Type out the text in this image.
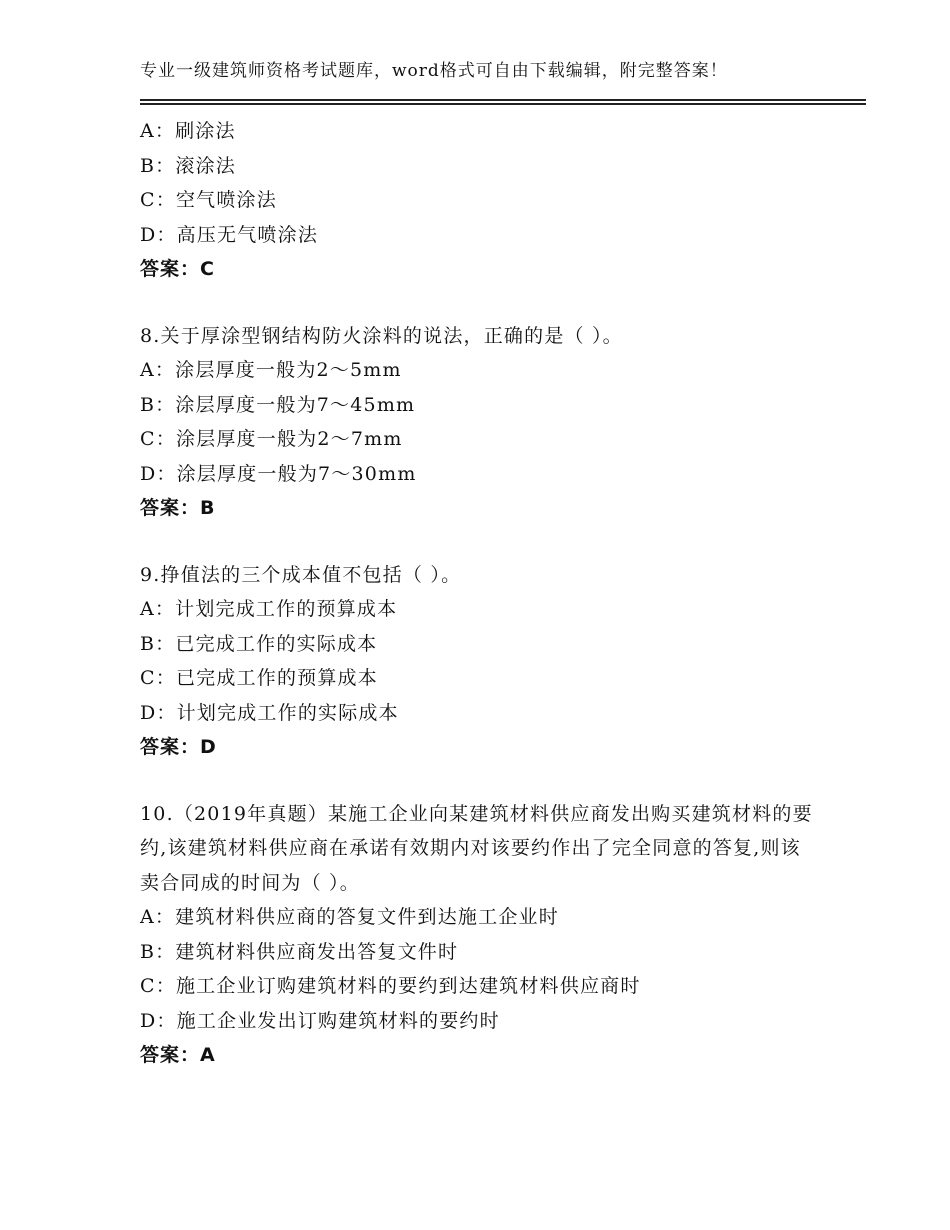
专业一级建筑师资格考试题库，word格式可自由下载编辑，附完整答案！
A：刷涂法
B：滚涂法
C：空气喷涂法
D：高压无气喷涂法
答案：C
8.关于厚涂型钢结构防火涂料的说法，正确的是（ ）。
A：涂层厚度一般为2～5mm
B：涂层厚度一般为7～45mm
C：涂层厚度一般为2～7mm
D：涂层厚度一般为7～30mm
答案：B
9.挣值法的三个成本值不包括（ ）。
A：计划完成工作的预算成本
B：已完成工作的实际成本
C：已完成工作的预算成本
D：计划完成工作的实际成本
答案：D
10.（2019年真题）某施工企业向某建筑材料供应商发出购买建筑材料的要约,该建筑材料供应商在承诺有效期内对该要约作出了完全同意的答复,则该卖合同成的时间为（ ）。
A：建筑材料供应商的答复文件到达施工企业时
B：建筑材料供应商发出答复文件时
C：施工企业订购建筑材料的要约到达建筑材料供应商时
D：施工企业发出订购建筑材料的要约时
答案：A
